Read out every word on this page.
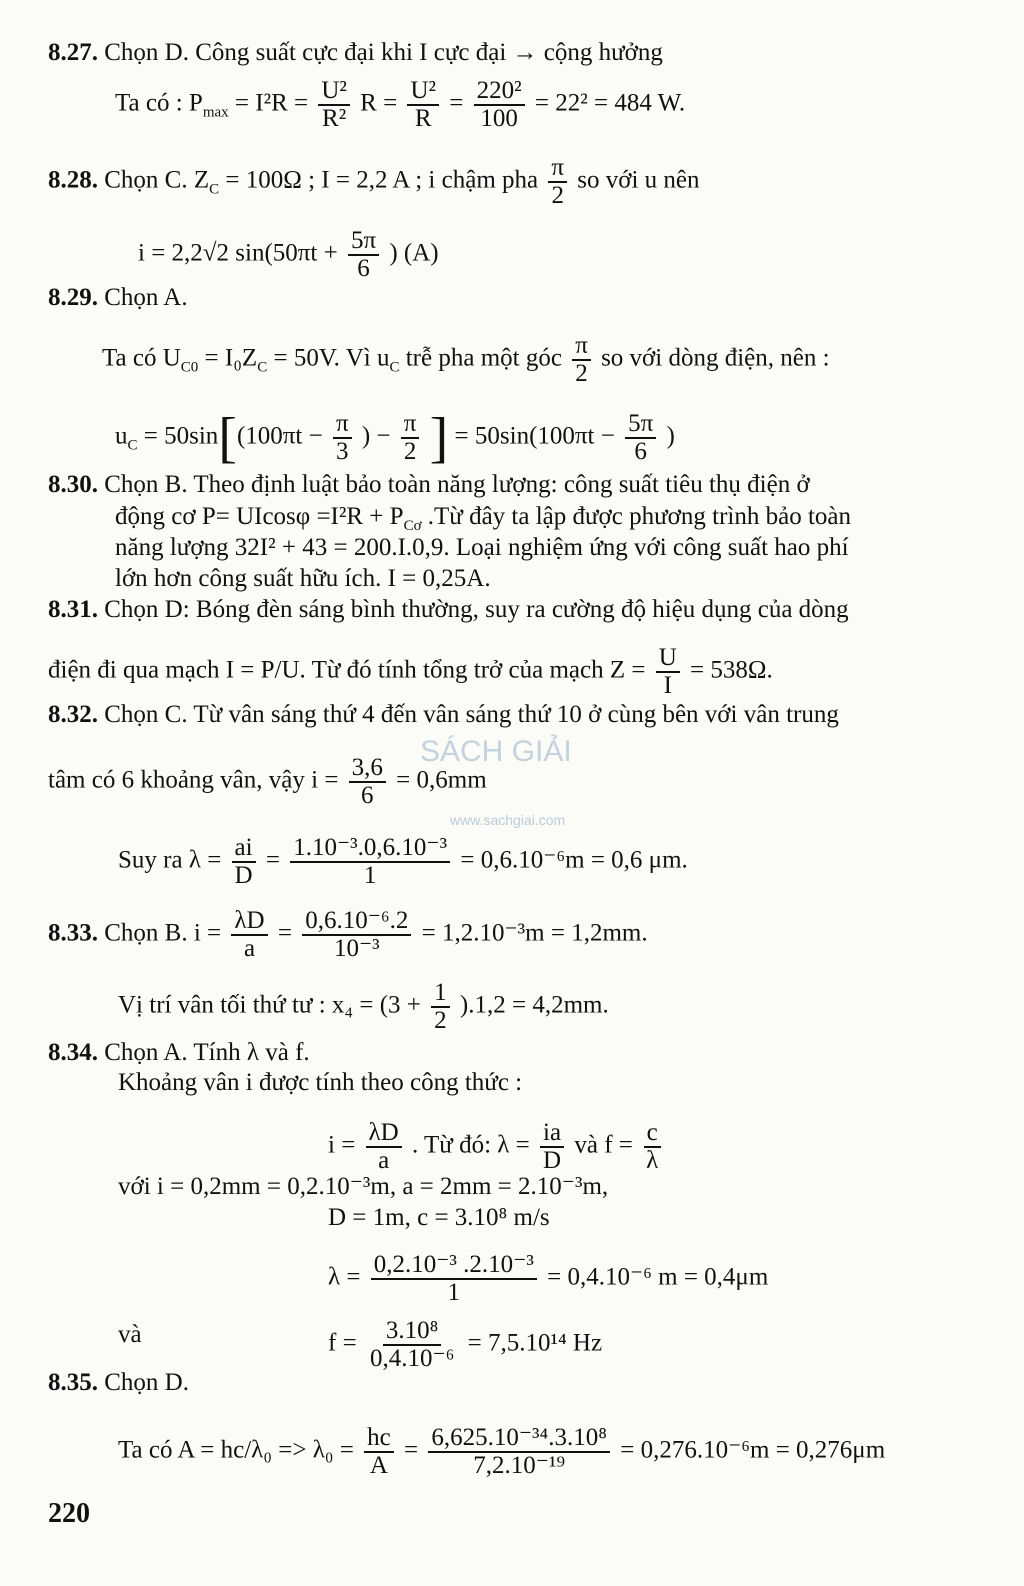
8.27. Chọn D. Công suất cực đại khi I cực đại → cộng hưởng
Ta có : $P_{max} = I^2R = \frac{\text{U²}}{\text{R²}}$ $R = \frac{\text{U²}}{R} = \frac{\text{220²}}{100} = 22^2 = 484$ W.
8.28. Chọn C. $Z_C = 100\Omega$ ; I = 2,2 A ; i chậm pha $\frac{\pi}{2}$ so với u nên
i = 2,2√2 $\sin(50\pi t + \frac{5\pi}{6}$ ) (A)
8.29. Chọn A.
Ta có $U_{C0} = I_0Z_C = 50V$. Vì $u_C$ trễ pha một góc $\frac{\pi}{2}$ so với dòng điện, nên :
$u_C = 50\sin[(100\pi t - \frac{\pi}{3}$ ) − $\frac{\pi}{2}$ ] = $50\sin(100\pi t - \frac{5\pi}{6}$ )
8.30. Chọn B. Theo định luật bảo toàn năng lượng: công suất tiêu thụ điện ở
động cơ $P= UIcos\varphi =I^2R + P_{Cơ}$ .Từ đây ta lập được phương trình bảo toàn
năng lượng 32I² + 43 = 200.I.0,9. Loại nghiệm ứng với công suất hao phí
lớn hơn công suất hữu ích. I = 0,25A.
8.31. Chọn D: Bóng đèn sáng bình thường, suy ra cường độ hiệu dụng của dòng
điện đi qua mạch I = P/U. Từ đó tính tổng trở của mạch $Z = \frac{U}{I} = 538\Omega$.
8.32. Chọn C. Từ vân sáng thứ 4 đến vân sáng thứ 10 ở cùng bên với vân trung
tâm có 6 khoảng vân, vậy $i = \frac{3,6}{6} = 0,6mm$
Suy ra $\lambda = \frac{ai}{D} = \frac{\text{1.10⁻³.0,6.10⁻³}}{1} = 0,6.10^{-6}m = 0,6$ μm.
8.33. Chọn B. $i = \frac{\lambda D}{a} = \frac{\text{0,6.10⁻⁶.2}}{\text{10⁻³}} = 1,2.10^{-3}m = 1,2mm$.
Vị trí vân tối thứ tư : $x_4 = (3 + \frac{1}{2} ).1,2 = 4,2mm$.
8.34. Chọn A. Tính λ và f.
Khoảng vân i được tính theo công thức :
$i = \frac{\lambda D}{a}$ . Từ đó: $\lambda = \frac{ia}{D}$ và $f = \frac{c}{\lambda}$
với i = 0,2mm = 0,2.10⁻³m, a = 2mm = 2.10⁻³m,
D = 1m, c = 3.10⁸ m/s
$\lambda = \frac{\text{0,2.10⁻³ .2.10⁻³}}{1} = 0,4.10^{-6}$ m = 0,4μm
và	$f = \frac{\text{3.10⁸}}{\text{0,4.10⁻⁶}} = 7,5.10^{14}$ Hz
8.35. Chọn D.
Ta có $A = hc/\lambda_0 => \lambda_0 = \frac{hc}{A} = \frac{\text{6,625.10⁻³⁴.3.10⁸}}{\text{7,2.10⁻¹⁹}} = 0,276.10^{-6}m = 0,276\mu m$
SÁCH GIẢI
www.sachgiai.com
220
